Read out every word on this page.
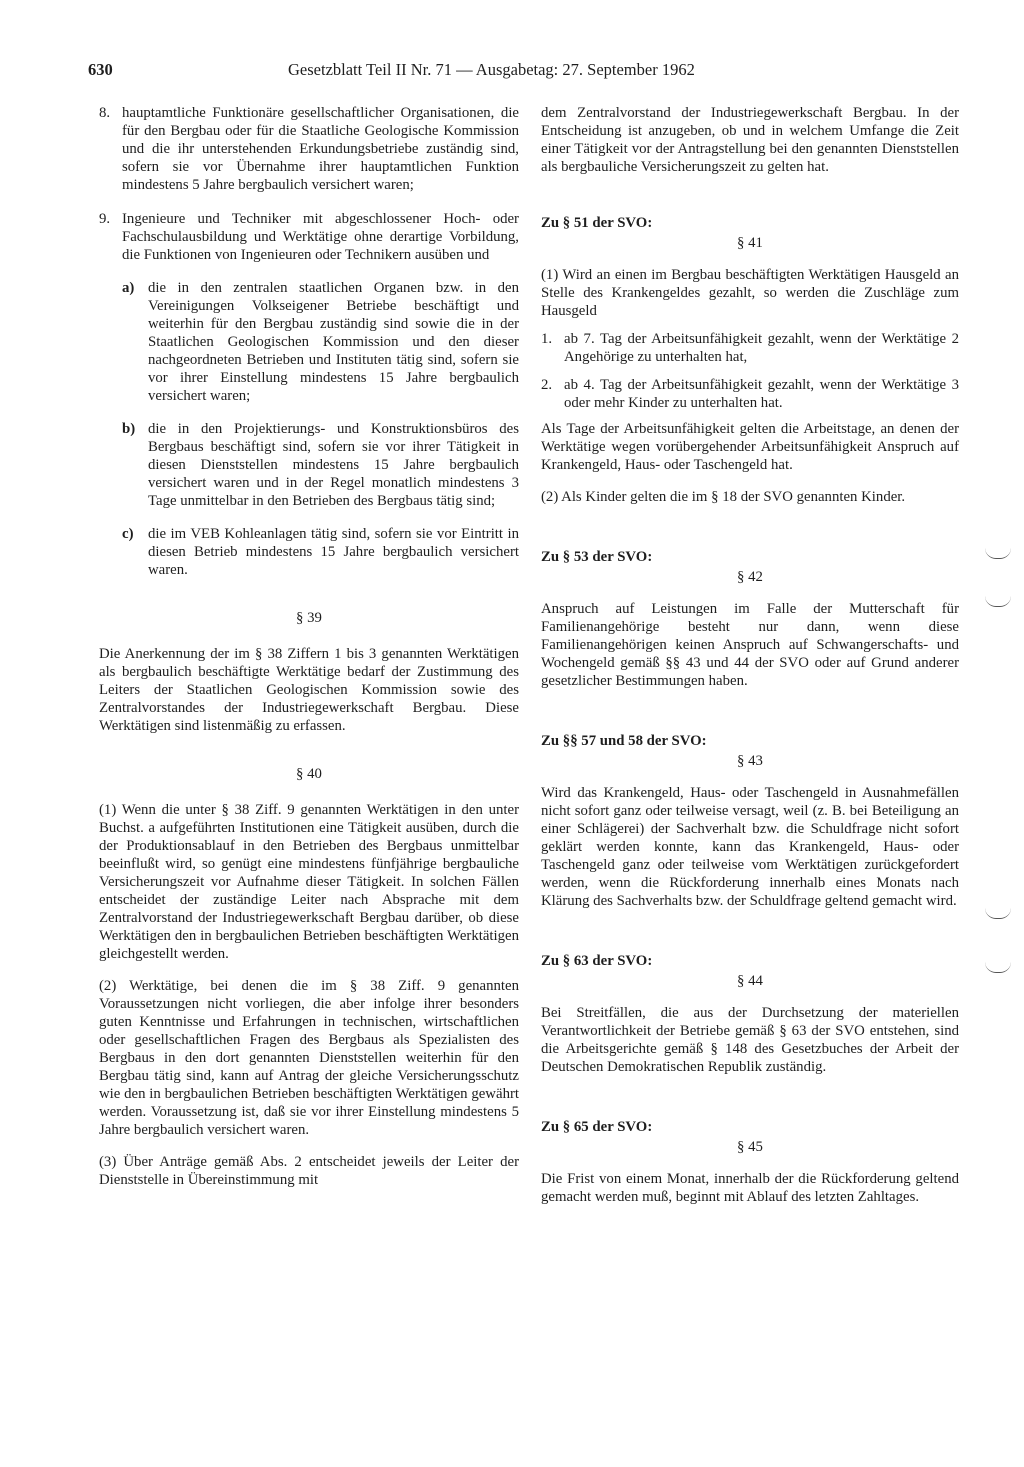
630	Gesetzblatt Teil II Nr. 71 — Ausgabetag: 27. September 1962
8. hauptamtliche Funktionäre gesellschaftlicher Organisationen, die für den Bergbau oder für die Staatliche Geologische Kommission und die ihr unterstehenden Erkundungsbetriebe zuständig sind, sofern sie vor Übernahme ihrer hauptamtlichen Funktion mindestens 5 Jahre bergbaulich versichert waren;
9. Ingenieure und Techniker mit abgeschlossener Hoch- oder Fachschulausbildung und Werktätige ohne derartige Vorbildung, die Funktionen von Ingenieuren oder Technikern ausüben und
a) die in den zentralen staatlichen Organen bzw. in den Vereinigungen Volkseigener Betriebe beschäftigt und weiterhin für den Bergbau zuständig sind sowie die in der Staatlichen Geologischen Kommission und den dieser nachgeordneten Betrieben und Instituten tätig sind, sofern sie vor ihrer Einstellung mindestens 15 Jahre bergbaulich versichert waren;
b) die in den Projektierungs- und Konstruktionsbüros des Bergbaus beschäftigt sind, sofern sie vor ihrer Tätigkeit in diesen Dienststellen mindestens 15 Jahre bergbaulich versichert waren und in der Regel monatlich mindestens 3 Tage unmittelbar in den Betrieben des Bergbaus tätig sind;
c) die im VEB Kohleanlagen tätig sind, sofern sie vor Eintritt in diesen Betrieb mindestens 15 Jahre bergbaulich versichert waren.
§ 39

Die Anerkennung der im § 38 Ziffern 1 bis 3 genannten Werktätigen als bergbaulich beschäftigte Werktätige bedarf der Zustimmung des Leiters der Staatlichen Geologischen Kommission sowie des Zentralvorstandes der Industriegewerkschaft Bergbau. Diese Werktätigen sind listenmäßig zu erfassen.

§ 40

(1) Wenn die unter § 38 Ziff. 9 genannten Werktätigen in den unter Buchst. a aufgeführten Institutionen eine Tätigkeit ausüben, durch die der Produktionsablauf in den Betrieben des Bergbaus unmittelbar beeinflußt wird, so genügt eine mindestens fünfjährige bergbauliche Versicherungszeit vor Aufnahme dieser Tätigkeit. In solchen Fällen entscheidet der zuständige Leiter nach Absprache mit dem Zentralvorstand der Industriegewerkschaft Bergbau darüber, ob diese Werktätigen den in bergbaulichen Betrieben beschäftigten Werktätigen gleichgestellt werden.

(2) Werktätige, bei denen die im § 38 Ziff. 9 genannten Voraussetzungen nicht vorliegen, die aber infolge ihrer besonders guten Kenntnisse und Erfahrungen in technischen, wirtschaftlichen oder gesellschaftlichen Fragen des Bergbaus als Spezialisten des Bergbaus in den dort genannten Dienststellen weiterhin für den Bergbau tätig sind, kann auf Antrag der gleiche Versicherungsschutz wie den in bergbaulichen Betrieben beschäftigten Werktätigen gewährt werden. Voraussetzung ist, daß sie vor ihrer Einstellung mindestens 5 Jahre bergbaulich versichert waren.

(3) Über Anträge gemäß Abs. 2 entscheidet jeweils der Leiter der Dienststelle in Übereinstimmung mit

dem Zentralvorstand der Industriegewerkschaft Bergbau. In der Entscheidung ist anzugeben, ob und in welchem Umfange die Zeit einer Tätigkeit vor der Antragstellung bei den genannten Dienststellen als bergbauliche Versicherungszeit zu gelten hat.

Zu § 51 der SVO:
§ 41

(1) Wird an einen im Bergbau beschäftigten Werktätigen Hausgeld an Stelle des Krankengeldes gezahlt, so werden die Zuschläge zum Hausgeld

1. ab 7. Tag der Arbeitsunfähigkeit gezahlt, wenn der Werktätige 2 Angehörige zu unterhalten hat,
2. ab 4. Tag der Arbeitsunfähigkeit gezahlt, wenn der Werktätige 3 oder mehr Kinder zu unterhalten hat.

Als Tage der Arbeitsunfähigkeit gelten die Arbeitstage, an denen der Werktätige wegen vorübergehender Arbeitsunfähigkeit Anspruch auf Krankengeld, Haus- oder Taschengeld hat.

(2) Als Kinder gelten die im § 18 der SVO genannten Kinder.

Zu § 53 der SVO:
§ 42

Anspruch auf Leistungen im Falle der Mutterschaft für Familienangehörige besteht nur dann, wenn diese Familienangehörigen keinen Anspruch auf Schwangerschafts- und Wochengeld gemäß §§ 43 und 44 der SVO oder auf Grund anderer gesetzlicher Bestimmungen haben.

Zu §§ 57 und 58 der SVO:
§ 43

Wird das Krankengeld, Haus- oder Taschengeld in Ausnahmefällen nicht sofort ganz oder teilweise versagt, weil (z. B. bei Beteiligung an einer Schlägerei) der Sachverhalt bzw. die Schuldfrage nicht sofort geklärt werden konnte, kann das Krankengeld, Haus- oder Taschengeld ganz oder teilweise vom Werktätigen zurückgefordert werden, wenn die Rückforderung innerhalb eines Monats nach Klärung des Sachverhalts bzw. der Schuldfrage geltend gemacht wird.

Zu § 63 der SVO:
§ 44

Bei Streitfällen, die aus der Durchsetzung der materiellen Verantwortlichkeit der Betriebe gemäß § 63 der SVO entstehen, sind die Arbeitsgerichte gemäß § 148 des Gesetzbuches der Arbeit der Deutschen Demokratischen Republik zuständig.

Zu § 65 der SVO:
§ 45

Die Frist von einem Monat, innerhalb der die Rückforderung geltend gemacht werden muß, beginnt mit Ablauf des letzten Zahltages.
